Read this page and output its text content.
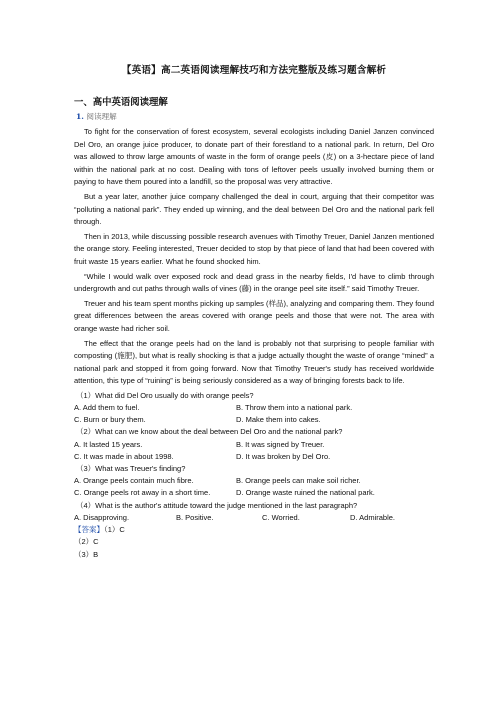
【英语】高二英语阅读理解技巧和方法完整版及练习题含解析
一、高中英语阅读理解
1. 阅读理解

To fight for the conservation of forest ecosystem, several ecologists including Daniel Janzen convinced Del Oro, an orange juice producer, to donate part of their forestland to a national park. In return, Del Oro was allowed to throw large amounts of waste in the form of orange peels (皮) on a 3-hectare piece of land within the national park at no cost. Dealing with tons of leftover peels usually involved burning them or paying to have them poured into a landfill, so the proposal was very attractive.

But a year later, another juice company challenged the deal in court, arguing that their competitor was “polluting a national park”. They ended up winning, and the deal between Del Oro and the national park fell through.

Then in 2013, while discussing possible research avenues with Timothy Treuer, Daniel Janzen mentioned the orange story. Feeling interested, Treuer decided to stop by that piece of land that had been covered with fruit waste 15 years earlier. What he found shocked him.

“While I would walk over exposed rock and dead grass in the nearby fields, I'd have to climb through undergrowth and cut paths through walls of vines (藤) in the orange peel site itself.” said Timothy Treuer.

Treuer and his team spent months picking up samples (样品), analyzing and comparing them. They found great differences between the areas covered with orange peels and those that were not. The area with orange waste had richer soil.

The effect that the orange peels had on the land is probably not that surprising to people familiar with composting (施肥), but what is really shocking is that a judge actually thought the waste of orange “mined” a national park and stopped it from going forward. Now that Timothy Treuer's study has received worldwide attention, this type of “ruining” is being seriously considered as a way of bringing forests back to life.

（1）What did Del Oro usually do with orange peels?

A. Add them to fuel.	B. Throw them into a national park.
C. Burn or bury them.	D. Make them into cakes.

（2）What can we know about the deal between Del Oro and the national park?

A. It lasted 15 years.	B. It was signed by Treuer.
C. It was made in about 1998.	D. It was broken by Del Oro.

（3）What was Treuer's finding?

A. Orange peels contain much fibre.	B. Orange peels can make soil richer.
C. Orange peels rot away in a short time.	D. Orange waste ruined the national park.

（4）What is the author's attitude toward the judge mentioned in the last paragraph?

A. Disapproving.	B. Positive.	C. Worried.	D. Admirable.

【答案】（1）C

（2）C

（3）B
